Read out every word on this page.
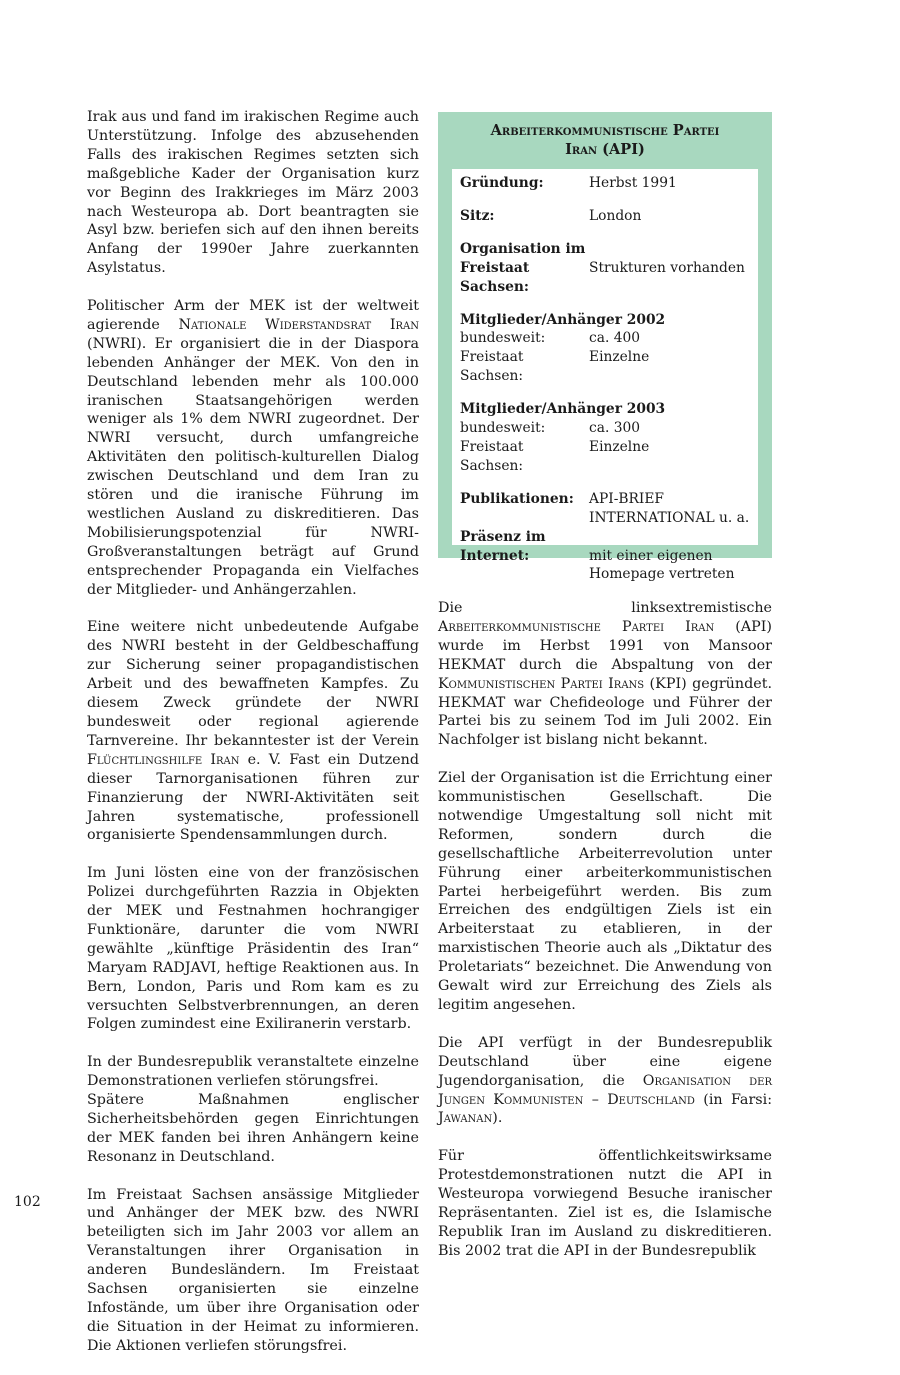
Irak aus und fand im irakischen Regime auch Unterstützung. Infolge des abzusehenden Falls des irakischen Regimes setzten sich maßgebliche Kader der Organisation kurz vor Beginn des Irakkrieges im März 2003 nach Westeuropa ab. Dort beantragten sie Asyl bzw. beriefen sich auf den ihnen bereits Anfang der 1990er Jahre zuerkannten Asylstatus.

Politischer Arm der MEK ist der weltweit agierende Nationale Widerstandsrat Iran (NWRI). Er organisiert die in der Diaspora lebenden Anhänger der MEK. Von den in Deutschland lebenden mehr als 100.000 iranischen Staatsangehörigen werden weniger als 1% dem NWRI zugeordnet. Der NWRI versucht, durch umfangreiche Aktivitäten den politisch-kulturellen Dialog zwischen Deutschland und dem Iran zu stören und die iranische Führung im westlichen Ausland zu diskreditieren. Das Mobilisierungspotenzial für NWRI-Großveranstaltungen beträgt auf Grund entsprechender Propaganda ein Vielfaches der Mitglieder- und Anhängerzahlen.

Eine weitere nicht unbedeutende Aufgabe des NWRI besteht in der Geldbeschaffung zur Sicherung seiner propagandistischen Arbeit und des bewaffneten Kampfes. Zu diesem Zweck gründete der NWRI bundesweit oder regional agierende Tarnvereine. Ihr bekanntester ist der Verein Flüchtlingshilfe Iran e. V. Fast ein Dutzend dieser Tarnorganisationen führen zur Finanzierung der NWRI-Aktivitäten seit Jahren systematische, professionell organisierte Spendensammlungen durch.

Im Juni lösten eine von der französischen Polizei durchgeführten Razzia in Objekten der MEK und Festnahmen hochrangiger Funktionäre, darunter die vom NWRI gewählte „künftige Präsidentin des Iran“ Maryam RADJAVI, heftige Reaktionen aus. In Bern, London, Paris und Rom kam es zu versuchten Selbstverbrennungen, an deren Folgen zumindest eine Exiliranerin verstarb.

In der Bundesrepublik veranstaltete einzelne Demonstrationen verliefen störungsfrei.

Spätere Maßnahmen englischer Sicherheitsbehörden gegen Einrichtungen der MEK fanden bei ihren Anhängern keine Resonanz in Deutschland.

Im Freistaat Sachsen ansässige Mitglieder und Anhänger der MEK bzw. des NWRI beteiligten sich im Jahr 2003 vor allem an Veranstaltungen ihrer Organisation in anderen Bundesländern. Im Freistaat Sachsen organisierten sie einzelne Infostände, um über ihre Organisation oder die Situation in der Heimat zu informieren. Die Aktionen verliefen störungsfrei.

Arbeiterkommunistische Partei
Iran (API)
Gründung:	Herbst 1991
Sitz:	London
Organisation im
Freistaat Sachsen:
Strukturen vorhanden
Mitglieder/Anhänger 2002
bundesweit:	ca. 400
Freistaat Sachsen:
Einzelne
Mitglieder/Anhänger 2003
bundesweit:	ca. 300
Freistaat Sachsen:
Einzelne
Publikationen:	API-BRIEF
INTERNATIONAL u. a.
Präsenz im
Internet:	mit einer eigenen
Homepage vertreten

Die linksextremistische Arbeiterkommunistische Partei Iran (API) wurde im Herbst 1991 von Mansoor HEKMAT durch die Abspaltung von der Kommunistischen Partei Irans (KPI) gegründet. HEKMAT war Chefideologe und Führer der Partei bis zu seinem Tod im Juli 2002. Ein Nachfolger ist bislang nicht bekannt.

Ziel der Organisation ist die Errichtung einer kommunistischen Gesellschaft. Die notwendige Umgestaltung soll nicht mit Reformen, sondern durch die gesellschaftliche Arbeiterrevolution unter Führung einer arbeiterkommunistischen Partei herbeigeführt werden. Bis zum Erreichen des endgültigen Ziels ist ein Arbeiterstaat zu etablieren, in der marxistischen Theorie auch als „Diktatur des Proletariats“ bezeichnet. Die Anwendung von Gewalt wird zur Erreichung des Ziels als legitim angesehen.

Die API verfügt in der Bundesrepublik Deutschland über eine eigene Jugendorganisation, die Organisation der Jungen Kommunisten – Deutschland (in Farsi: Jawanan).

Für öffentlichkeitswirksame Protestdemonstrationen nutzt die API in Westeuropa vorwiegend Besuche iranischer Repräsentanten. Ziel ist es, die Islamische Republik Iran im Ausland zu diskreditieren. Bis 2002 trat die API in der Bundesrepublik

102
